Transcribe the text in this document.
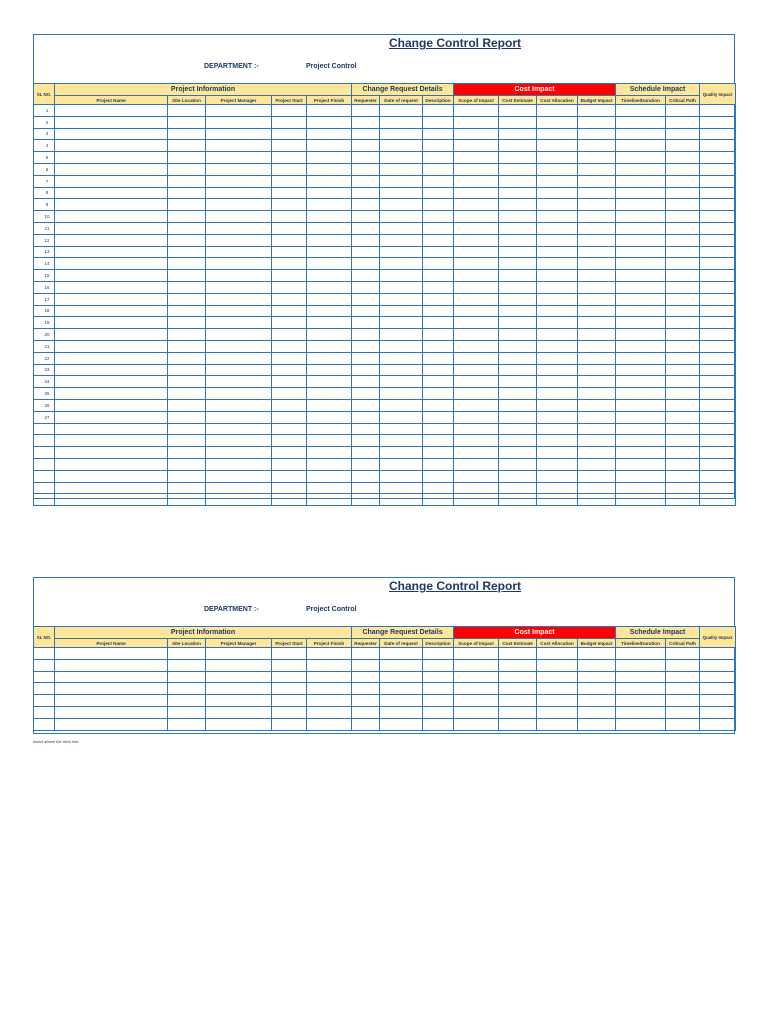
Change Control Report
DEPARTMENT :-	Project Control
SL NO.	Project Information					Change Request Details			Cost Impact				Schedule Impact		Quality Impact
	Project Name	Site Location	Project Manager	Project Start	Project Finish	Requester	Date of request	Description	Scope of Impact	Cost Estimate	Cost Allocation	Budget Impact	Timeline/Duration	Critical Path	
1															
2															
3															
4															
5															
6															
7															
8															
9															
10															
11															
12															
13															
14															
15															
16															
17															
18															
19															
20															
21															
22															
23															
24															
25															
26															
27															

Change Control Report
DEPARTMENT :-	Project Control
SL NO.	Project Information					Change Request Details			Cost Impact				Schedule Impact		Quality Impact
	Project Name	Site Location	Project Manager	Project Start	Project Finish	Requester	Date of request	Description	Scope of Impact	Cost Estimate	Cost Allocation	Budget Impact	Timeline/Duration	Critical Path	

Insert above the thick line
